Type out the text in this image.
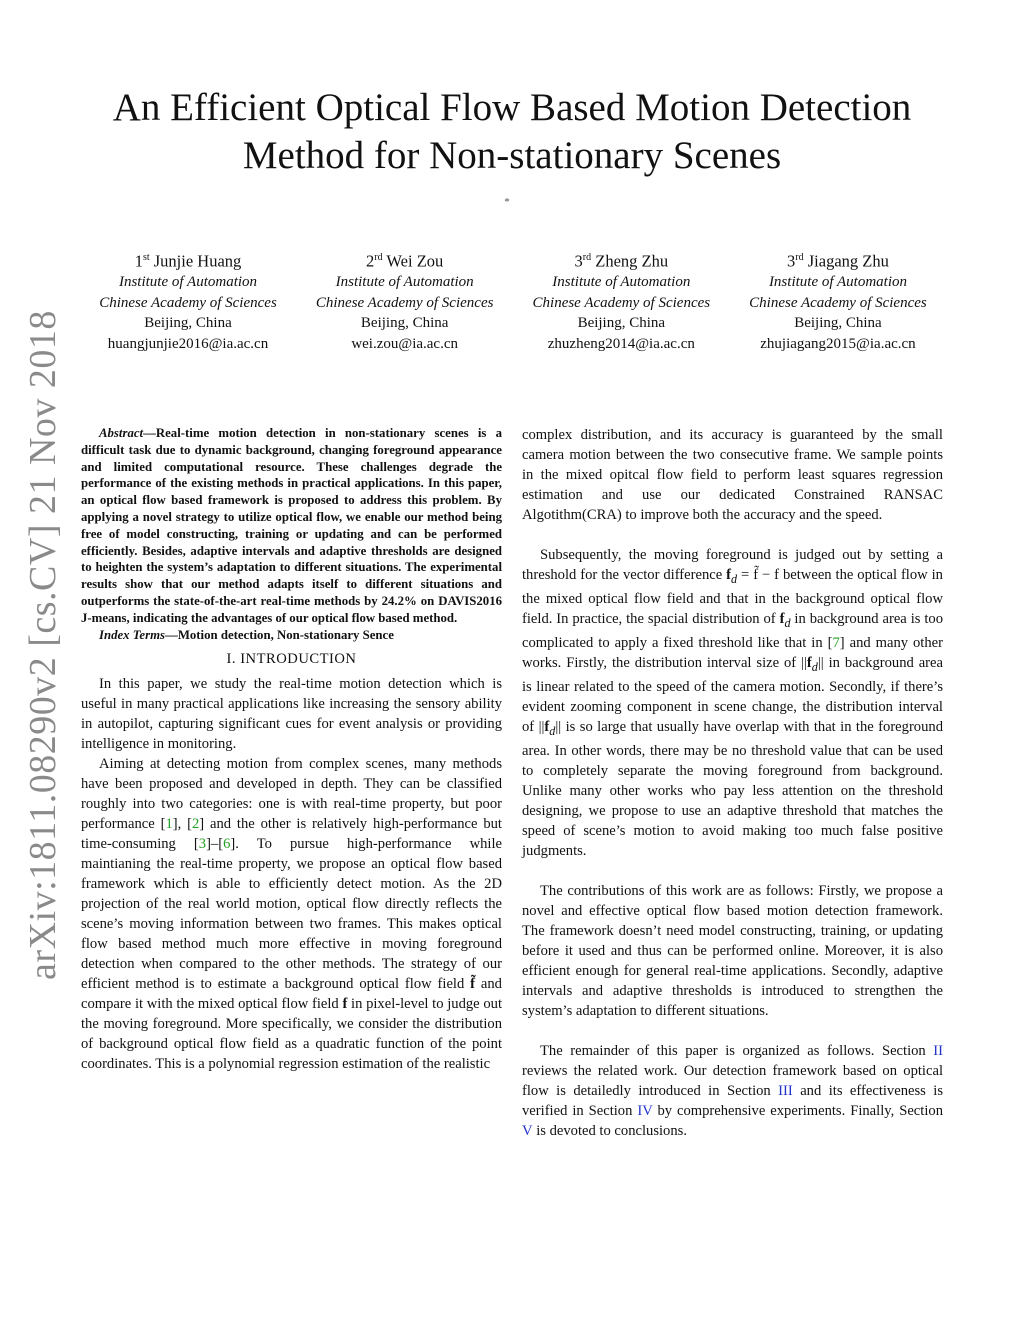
arXiv:1811.08290v2 [cs.CV] 21 Nov 2018
An Efficient Optical Flow Based Motion Detection
Method for Non-stationary Scenes
*
1st Junjie Huang
Institute of Automation
Chinese Academy of Sciences
Beijing, China
huangjunjie2016@ia.ac.cn
2rd Wei Zou
Institute of Automation
Chinese Academy of Sciences
Beijing, China
wei.zou@ia.ac.cn
3rd Zheng Zhu
Institute of Automation
Chinese Academy of Sciences
Beijing, China
zhuzheng2014@ia.ac.cn
3rd Jiagang Zhu
Institute of Automation
Chinese Academy of Sciences
Beijing, China
zhujiagang2015@ia.ac.cn

Abstract—Real-time motion detection in non-stationary scenes is a difficult task due to dynamic background, changing foreground appearance and limited computational resource. These challenges degrade the performance of the existing methods in practical applications. In this paper, an optical flow based framework is proposed to address this problem. By applying a novel strategy to utilize optical flow, we enable our method being free of model constructing, training or updating and can be performed efficiently. Besides, adaptive intervals and adaptive thresholds are designed to heighten the system’s adaptation to different situations. The experimental results show that our method adapts itself to different situations and outperforms the state-of-the-art real-time methods by 24.2% on DAVIS2016 J-means, indicating the advantages of our optical flow based method.

Index Terms—Motion detection, Non-stationary Sence

I. INTRODUCTION

In this paper, we study the real-time motion detection which is useful in many practical applications like increasing the sensory ability in autopilot, capturing significant cues for event analysis or providing intelligence in monitoring.

Aiming at detecting motion from complex scenes, many methods have been proposed and developed in depth. They can be classified roughly into two categories: one is with real-time property, but poor performance [1], [2] and the other is relatively high-performance but time-consuming [3]–[6]. To pursue high-performance while maintianing the real-time property, we propose an optical flow based framework which is able to efficiently detect motion. As the 2D projection of the real world motion, optical flow directly reflects the scene’s moving information between two frames. This makes optical flow based method much more effective in moving foreground detection when compared to the other methods. The strategy of our efficient method is to estimate a background optical flow field f̃ and compare it with the mixed optical flow field f in pixel-level to judge out the moving foreground. More specifically, we consider the distribution of background optical flow field as a quadratic function of the point coordinates. This is a polynomial regression estimation of the realistic

complex distribution, and its accuracy is guaranteed by the small camera motion between the two consecutive frame. We sample points in the mixed opitcal flow field to perform least squares regression estimation and use our dedicated Constrained RANSAC Algotithm(CRA) to improve both the accuracy and the speed.

Subsequently, the moving foreground is judged out by setting a threshold for the vector difference $f_d$ = f̃ − f between the optical flow in the mixed optical flow field and that in the background optical flow field. In practice, the spacial distribution of $f_d$ in background area is too complicated to apply a fixed threshold like that in [7] and many other works. Firstly, the distribution interval size of $||f_d||$ in background area is linear related to the speed of the camera motion. Secondly, if there’s evident zooming component in scene change, the distribution interval of $||f_d||$ is so large that usually have overlap with that in the foreground area. In other words, there may be no threshold value that can be used to completely separate the moving foreground from background. Unlike many other works who pay less attention on the threshold designing, we propose to use an adaptive threshold that matches the speed of scene’s motion to avoid making too much false positive judgments.

The contributions of this work are as follows: Firstly, we propose a novel and effective optical flow based motion detection framework. The framework doesn’t need model constructing, training, or updating before it used and thus can be performed online. Moreover, it is also efficient enough for general real-time applications. Secondly, adaptive intervals and adaptive thresholds is introduced to strengthen the system’s adaptation to different situations.

The remainder of this paper is organized as follows. Section II reviews the related work. Our detection framework based on optical flow is detailedly introduced in Section III and its effectiveness is verified in Section IV by comprehensive experiments. Finally, Section V is devoted to conclusions.
